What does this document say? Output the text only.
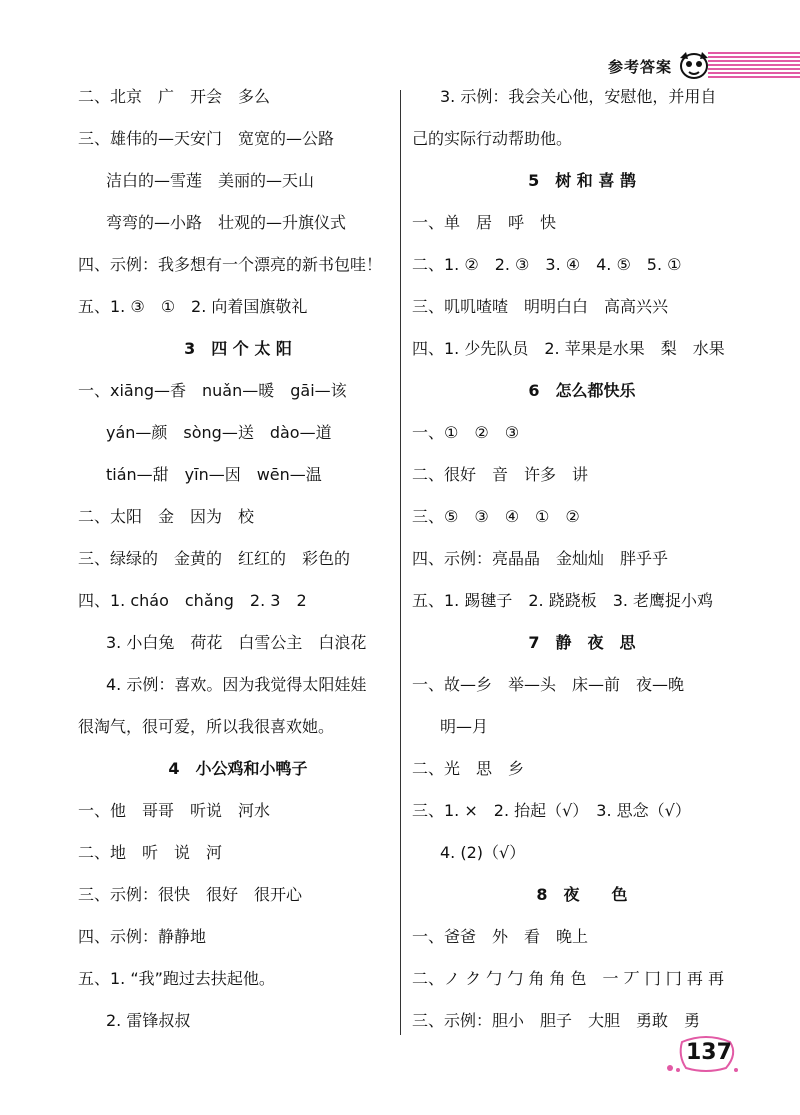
参考答案
二、北京　广　开会　多么
三、雄伟的—天安门　宽宽的—公路
洁白的—雪莲　美丽的—天山
弯弯的—小路　壮观的—升旗仪式
四、示例：我多想有一个漂亮的新书包哇！
五、1. ③　①　2. 向着国旗敬礼
3　四 个 太 阳
一、xiāng—香　nuǎn—暖　gāi—该
yán—颜　sòng—送　dào—道
tián—甜　yīn—因　wēn—温
二、太阳　金　因为　校
三、绿绿的　金黄的　红红的　彩色的
四、1. cháo　chǎng　2. 3　2
3. 小白兔　荷花　白雪公主　白浪花
4. 示例：喜欢。因为我觉得太阳娃娃
很淘气，很可爱，所以我很喜欢她。
4　小公鸡和小鸭子
一、他　哥哥　听说　河水
二、地　听　说　河
三、示例：很快　很好　很开心
四、示例：静静地
五、1. “我”跑过去扶起他。
2. 雷锋叔叔
3. 示例：我会关心他，安慰他，并用自
己的实际行动帮助他。
5　树 和 喜 鹊
一、单　居　呼　快
二、1. ②　2. ③　3. ④　4. ⑤　5. ①
三、叽叽喳喳　明明白白　高高兴兴
四、1. 少先队员　2. 苹果是水果　梨　水果
6　怎么都快乐
一、①　②　③
二、很好　音　许多　讲
三、⑤　③　④　①　②
四、示例：亮晶晶　金灿灿　胖乎乎
五、1. 踢毽子　2. 跷跷板　3. 老鹰捉小鸡
7　静　夜　思
一、故—乡　举—头　床—前　夜—晚
明—月
二、光　思　乡
三、1. ×　2. 抬起（√）　3. 思念（√）
4. (2)（√）
8　夜　　色
一、爸爸　外　看　晚上
二、ノ ク 勹 勹 角 角 色　一 丆 冂 冂 再 再
三、示例：胆小　胆子　大胆　勇敢　勇
137
